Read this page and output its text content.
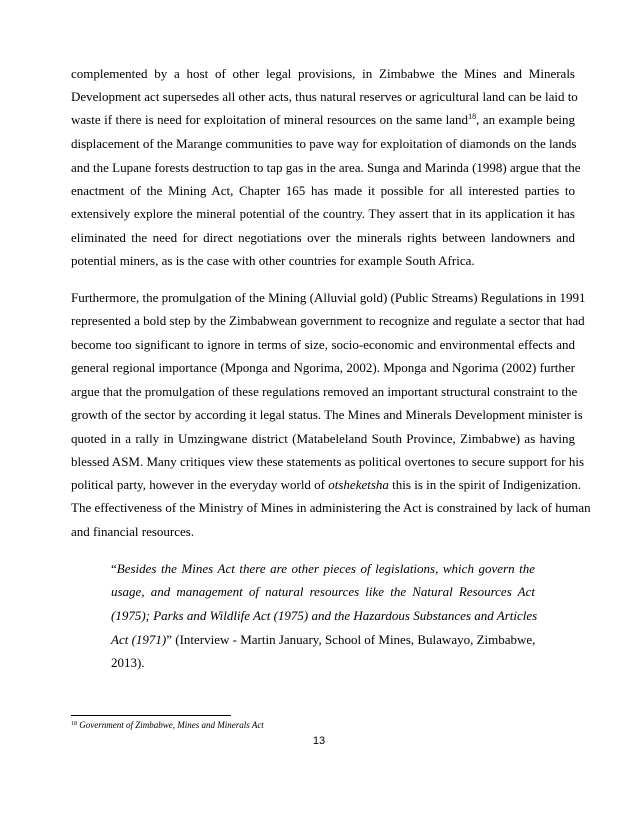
complemented by a host of other legal provisions, in Zimbabwe the Mines and Minerals
Development act supersedes all other acts, thus natural reserves or agricultural land can be laid to
waste if there is need for exploitation of mineral resources on the same land$^{18}$, an example being
displacement of the Marange communities to pave way for exploitation of diamonds on the lands
and the Lupane forests destruction to tap gas in the area. Sunga and Marinda (1998) argue that the
enactment of the Mining Act, Chapter 165 has made it possible for all interested parties to
extensively explore the mineral potential of the country. They assert that in its application it has
eliminated the need for direct negotiations over the minerals rights between landowners and
potential miners, as is the case with other countries for example South Africa.
Furthermore, the promulgation of the Mining (Alluvial gold) (Public Streams) Regulations in 1991
represented a bold step by the Zimbabwean government to recognize and regulate a sector that had
become too significant to ignore in terms of size, socio-economic and environmental effects and
general regional importance (Mponga and Ngorima, 2002). Mponga and Ngorima (2002) further
argue that the promulgation of these regulations removed an important structural constraint to the
growth of the sector by according it legal status. The Mines and Minerals Development minister is
quoted in a rally in Umzingwane district (Matabeleland South Province, Zimbabwe) as having
blessed ASM. Many critiques view these statements as political overtones to secure support for his
political party, however in the everyday world of otsheketsha this is in the spirit of Indigenization.
The effectiveness of the Ministry of Mines in administering the Act is constrained by lack of human
and financial resources.
“Besides the Mines Act there are other pieces of legislations, which govern the
usage, and management of natural resources like the Natural Resources Act
(1975); Parks and Wildlife Act (1975) and the Hazardous Substances and Articles
Act (1971)” (Interview - Martin January, School of Mines, Bulawayo, Zimbabwe,
2013).
$^{18}$ Government of Zimbabwe, Mines and Minerals Act
13
